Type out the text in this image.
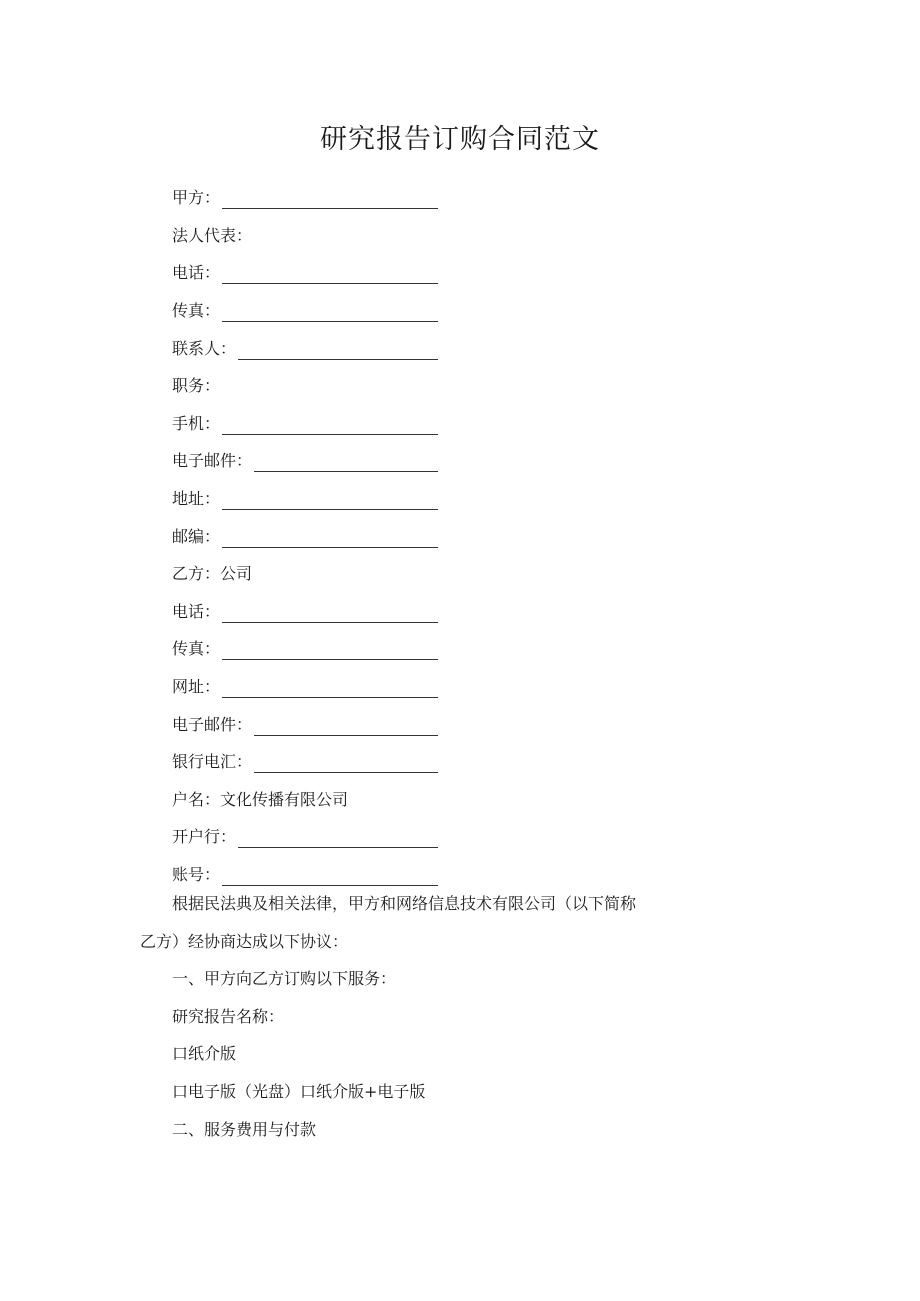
研究报告订购合同范文
甲方：
法人代表：
电话：
传真：
联系人：
职务：
手机：
电子邮件：
地址：
邮编：
乙方： 公司
电话：
传真：
网址：
电子邮件：
银行电汇：
户名： 文化传播有限公司
开户行：
账号：

根据民法典及相关法律，甲方和网络信息技术有限公司（以下简称乙方）经协商达成以下协议：

一、甲方向乙方订购以下服务：

研究报告名称：

口纸介版

口电子版（光盘）口纸介版+电子版

二、服务费用与付款
